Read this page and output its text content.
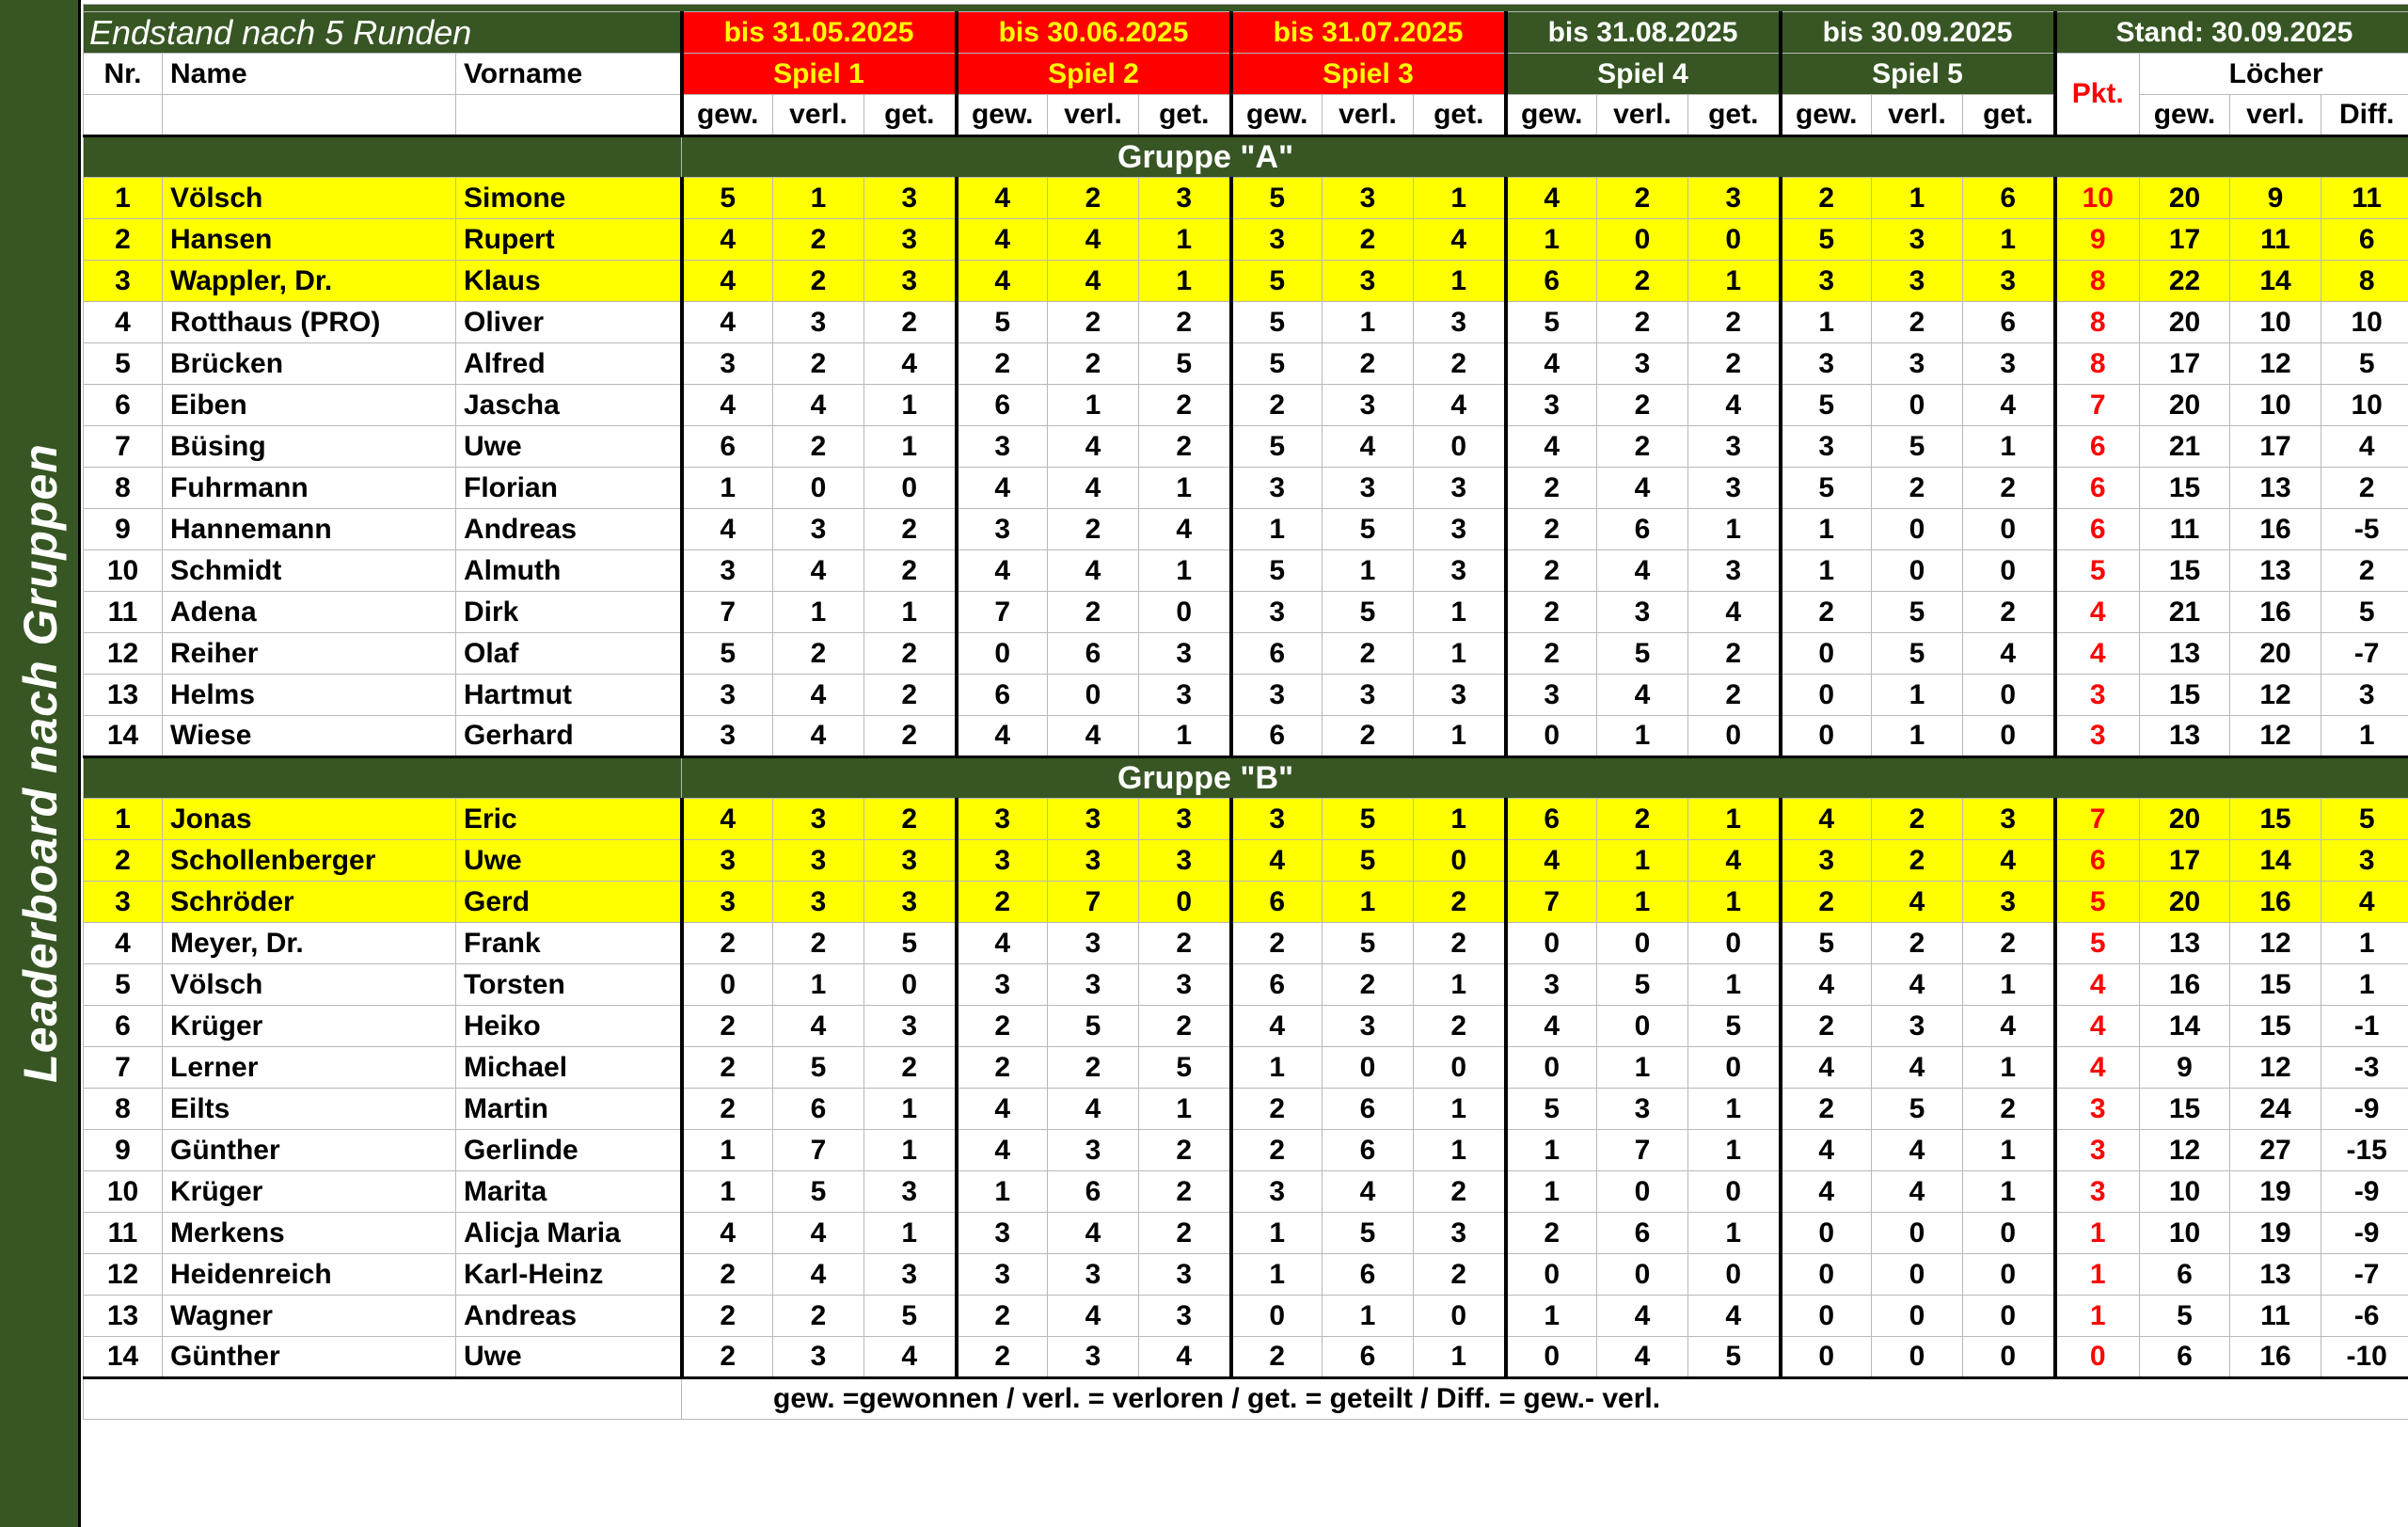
Leaderboard nach Gruppen

Endstand nach 5 Runden			bis 31.05.2025			bis 30.06.2025			bis 31.07.2025			bis 31.08.2025			bis 30.09.2025			Stand: 30.09.2025			
Nr.	Name	Vorname	Spiel 1			Spiel 2			Spiel 3			Spiel 4			Spiel 5			Pkt.	Löcher		
			gew.	verl.	get.	gew.	verl.	get.	gew.	verl.	get.	gew.	verl.	get.	gew.	verl.	get.		gew.	verl.	Diff.
			Gruppe "A"																		
1	Völsch	Simone	5	1	3	4	2	3	5	3	1	4	2	3	2	1	6	10	20	9	11
2	Hansen	Rupert	4	2	3	4	4	1	3	2	4	1	0	0	5	3	1	9	17	11	6
3	Wappler, Dr.	Klaus	4	2	3	4	4	1	5	3	1	6	2	1	3	3	3	8	22	14	8
4	Rotthaus (PRO)	Oliver	4	3	2	5	2	2	5	1	3	5	2	2	1	2	6	8	20	10	10
5	Brücken	Alfred	3	2	4	2	2	5	5	2	2	4	3	2	3	3	3	8	17	12	5
6	Eiben	Jascha	4	4	1	6	1	2	2	3	4	3	2	4	5	0	4	7	20	10	10
7	Büsing	Uwe	6	2	1	3	4	2	5	4	0	4	2	3	3	5	1	6	21	17	4
8	Fuhrmann	Florian	1	0	0	4	4	1	3	3	3	2	4	3	5	2	2	6	15	13	2
9	Hannemann	Andreas	4	3	2	3	2	4	1	5	3	2	6	1	1	0	0	6	11	16	-5
10	Schmidt	Almuth	3	4	2	4	4	1	5	1	3	2	4	3	1	0	0	5	15	13	2
11	Adena	Dirk	7	1	1	7	2	0	3	5	1	2	3	4	2	5	2	4	21	16	5
12	Reiher	Olaf	5	2	2	0	6	3	6	2	1	2	5	2	0	5	4	4	13	20	-7
13	Helms	Hartmut	3	4	2	6	0	3	3	3	3	3	4	2	0	1	0	3	15	12	3
14	Wiese	Gerhard	3	4	2	4	4	1	6	2	1	0	1	0	0	1	0	3	13	12	1
			Gruppe "B"																		
1	Jonas	Eric	4	3	2	3	3	3	3	5	1	6	2	1	4	2	3	7	20	15	5
2	Schollenberger	Uwe	3	3	3	3	3	3	4	5	0	4	1	4	3	2	4	6	17	14	3
3	Schröder	Gerd	3	3	3	2	7	0	6	1	2	7	1	1	2	4	3	5	20	16	4
4	Meyer, Dr.	Frank	2	2	5	4	3	2	2	5	2	0	0	0	5	2	2	5	13	12	1
5	Völsch	Torsten	0	1	0	3	3	3	6	2	1	3	5	1	4	4	1	4	16	15	1
6	Krüger	Heiko	2	4	3	2	5	2	4	3	2	4	0	5	2	3	4	4	14	15	-1
7	Lerner	Michael	2	5	2	2	2	5	1	0	0	0	1	0	4	4	1	4	9	12	-3
8	Eilts	Martin	2	6	1	4	4	1	2	6	1	5	3	1	2	5	2	3	15	24	-9
9	Günther	Gerlinde	1	7	1	4	3	2	2	6	1	1	7	1	4	4	1	3	12	27	-15
10	Krüger	Marita	1	5	3	1	6	2	3	4	2	1	0	0	4	4	1	3	10	19	-9
11	Merkens	Alicja Maria	4	4	1	3	4	2	1	5	3	2	6	1	0	0	0	1	10	19	-9
12	Heidenreich	Karl-Heinz	2	4	3	3	3	3	1	6	2	0	0	0	0	0	0	1	6	13	-7
13	Wagner	Andreas	2	2	5	2	4	3	0	1	0	1	4	4	0	0	0	1	5	11	-6
14	Günther	Uwe	2	3	4	2	3	4	2	6	1	0	4	5	0	0	0	0	6	16	-10
			gew. =gewonnen / verl. = verloren / get. = geteilt / Diff. = gew.- verl.																		
